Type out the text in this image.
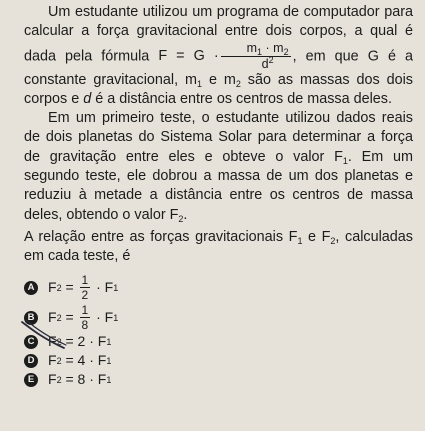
Um estudante utilizou um programa de computador para calcular a força gravitacional entre dois corpos, a qual é dada pela fórmula $F = G \cdot \frac{m_1 \cdot m_2}{d^2}$ , em que G é a constante gravitacional, $m_1$ e $m_2$ são as massas dos dois corpos e d é a distância entre os centros de massa deles.

Em um primeiro teste, o estudante utilizou dados reais de dois planetas do Sistema Solar para determinar a força de gravitação entre eles e obteve o valor $F_1$. Em um segundo teste, ele dobrou a massa de um dos planetas e reduziu à metade a distância entre os centros de massa deles, obtendo o valor $F_2$.

A relação entre as forças gravitacionais $F_1$ e $F_2$, calculadas em cada teste, é

A F $2 = \frac{1}{2} \cdot F$ 1
B F $2 = \frac{1}{8} \cdot F$ 1
C F 2 = 2 · F 1
D F 2 = 4 · F 1
E F 2 = 8 · F 1
